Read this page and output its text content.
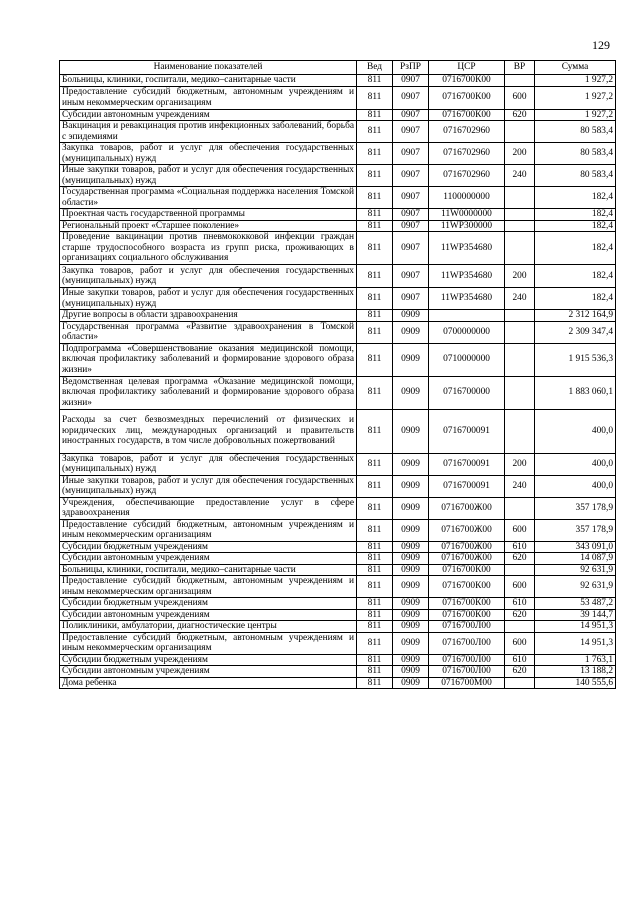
129
Наименование показателей	Вед	РзПР	ЦСР	ВР	Сумма
Больницы, клиники, госпитали, медико–санитарные части	811	0907	0716700К00		1 927,2
Предоставление субсидий бюджетным, автономным учреждениям и иным некоммерческим организациям	811	0907	0716700К00	600	1 927,2
Субсидии автономным учреждениям	811	0907	0716700К00	620	1 927,2
Вакцинация и ревакцинация против инфекционных заболеваний, борьба с эпидемиями	811	0907	0716702960		80 583,4
Закупка товаров, работ и услуг для обеспечения государственных (муниципальных) нужд	811	0907	0716702960	200	80 583,4
Иные закупки товаров, работ и услуг для обеспечения государственных (муниципальных) нужд	811	0907	0716702960	240	80 583,4
Государственная программа «Социальная поддержка населения Томской области»	811	0907	1100000000		182,4
Проектная часть государственной программы	811	0907	11W0000000		182,4
Региональный проект «Старшее поколение»	811	0907	11WP300000		182,4
Проведение вакцинации против пневмококковой инфекции граждан старше трудоспособного возраста из групп риска, проживающих в организациях социального обслуживания	811	0907	11WP354680		182,4
Закупка товаров, работ и услуг для обеспечения государственных (муниципальных) нужд	811	0907	11WP354680	200	182,4
Иные закупки товаров, работ и услуг для обеспечения государственных (муниципальных) нужд	811	0907	11WP354680	240	182,4
Другие вопросы в области здравоохранения	811	0909			2 312 164,9
Государственная программа «Развитие здравоохранения в Томской области»	811	0909	0700000000		2 309 347,4
Подпрограмма «Совершенствование оказания медицинской помощи, включая профилактику заболеваний и формирование здорового образа жизни»	811	0909	0710000000		1 915 536,3
Ведомственная целевая программа «Оказание медицинской помощи, включая профилактику заболеваний и формирование здорового образа жизни»	811	0909	0716700000		1 883 060,1
Расходы за счет безвозмездных перечислений от физических и юридических лиц, международных организаций и правительств иностранных государств, в том числе добровольных пожертвований	811	0909	0716700091		400,0
Закупка товаров, работ и услуг для обеспечения государственных (муниципальных) нужд	811	0909	0716700091	200	400,0
Иные закупки товаров, работ и услуг для обеспечения государственных (муниципальных) нужд	811	0909	0716700091	240	400,0
Учреждения, обеспечивающие предоставление услуг в сфере здравоохранения	811	0909	0716700Ж00		357 178,9
Предоставление субсидий бюджетным, автономным учреждениям и иным некоммерческим организациям	811	0909	0716700Ж00	600	357 178,9
Субсидии бюджетным учреждениям	811	0909	0716700Ж00	610	343 091,0
Субсидии автономным учреждениям	811	0909	0716700Ж00	620	14 087,9
Больницы, клиники, госпитали, медико–санитарные части	811	0909	0716700К00		92 631,9
Предоставление субсидий бюджетным, автономным учреждениям и иным некоммерческим организациям	811	0909	0716700К00	600	92 631,9
Субсидии бюджетным учреждениям	811	0909	0716700К00	610	53 487,2
Субсидии автономным учреждениям	811	0909	0716700К00	620	39 144,7
Поликлиники, амбулатории, диагностические центры	811	0909	0716700Л00		14 951,3
Предоставление субсидий бюджетным, автономным учреждениям и иным некоммерческим организациям	811	0909	0716700Л00	600	14 951,3
Субсидии бюджетным учреждениям	811	0909	0716700Л00	610	1 763,1
Субсидии автономным учреждениям	811	0909	0716700Л00	620	13 188,2
Дома ребенка	811	0909	0716700М00		140 555,6
